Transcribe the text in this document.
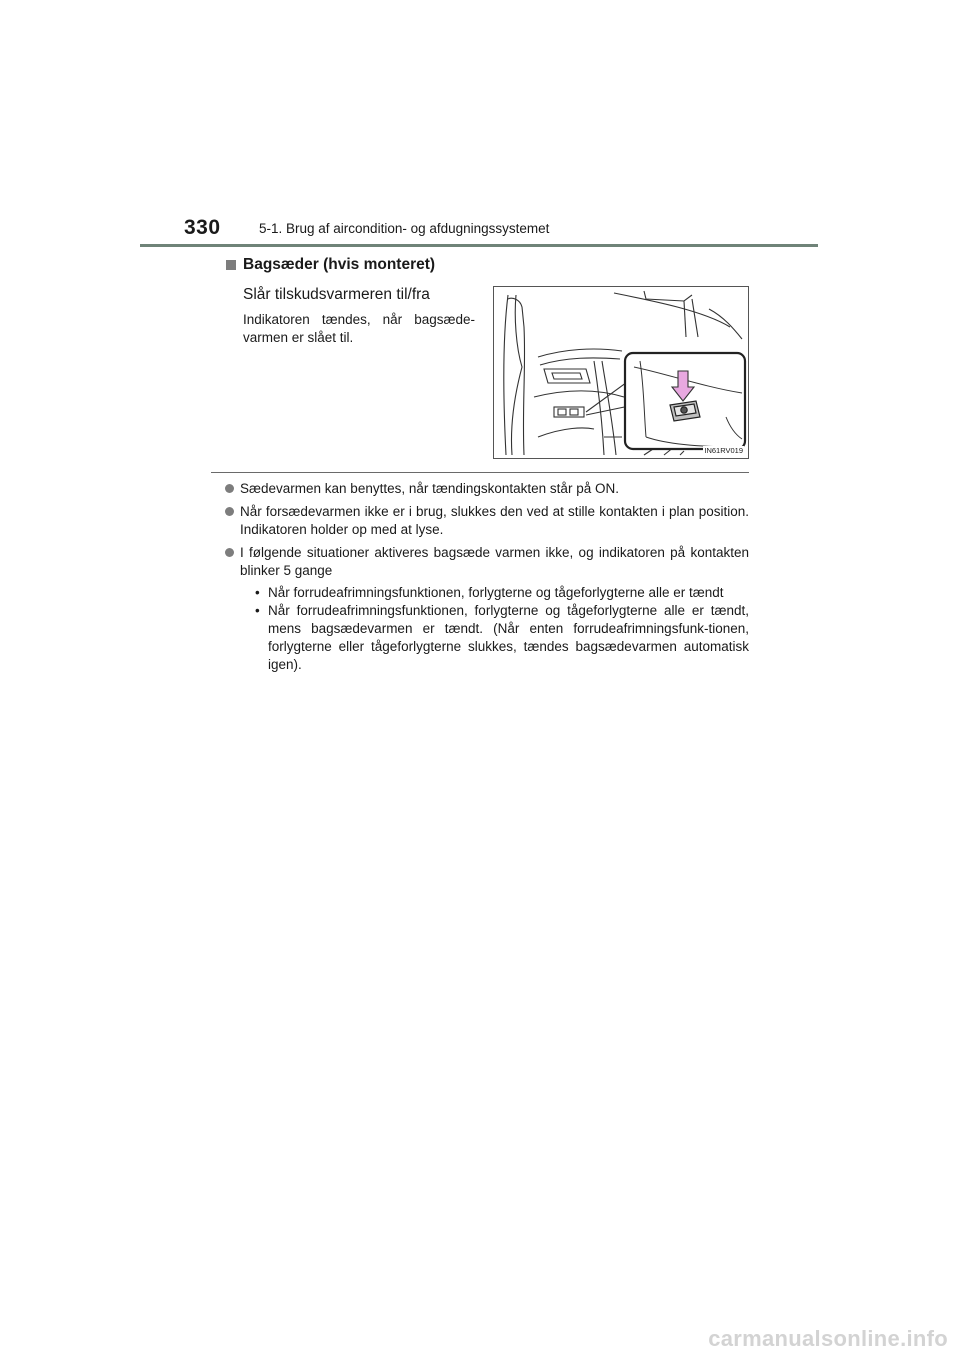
330	5-1. Brug af aircondition- og afdugningssystemet
Bagsæder (hvis monteret)
Slår tilskudsvarmeren til/fra
Indikatoren tændes, når bagsæde-varmen er slået til.
IN61RV019
Sædevarmen kan benyttes, når tændingskontakten står på ON.
Når forsædevarmen ikke er i brug, slukkes den ved at stille kontakten i plan position. Indikatoren holder op med at lyse.
I følgende situationer aktiveres bagsæde varmen ikke, og indikatoren på kontakten blinker 5 gange
• Når forrudeafrimningsfunktionen, forlygterne og tågeforlygterne alle er tændt
• Når forrudeafrimningsfunktionen, forlygterne og tågeforlygterne alle er tændt, mens bagsædevarmen er tændt. (Når enten forrudeafrimningsfunk-tionen, forlygterne eller tågeforlygterne slukkes, tændes bagsædevarmen automatisk igen).
carmanualsonline.info
